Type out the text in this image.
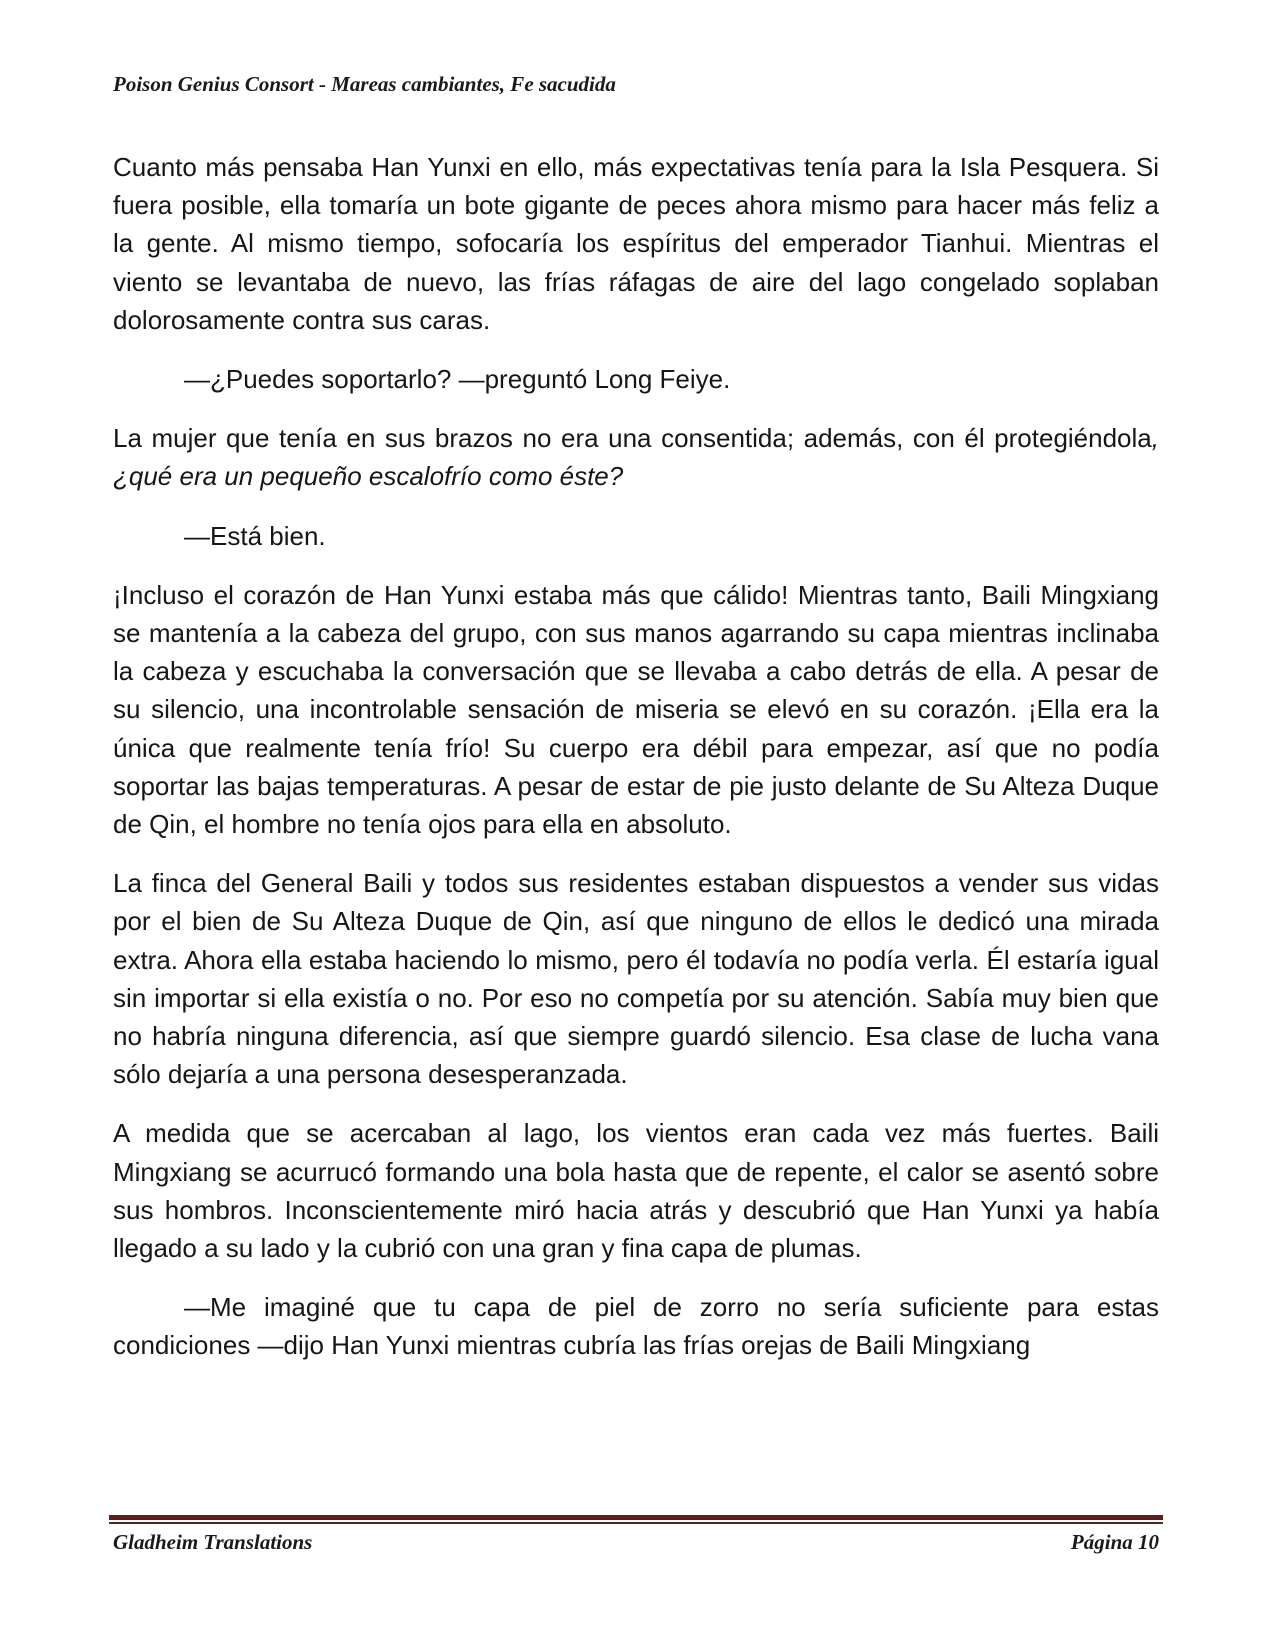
Poison Genius Consort - Mareas cambiantes, Fe sacudida

Cuanto más pensaba Han Yunxi en ello, más expectativas tenía para la Isla Pesquera. Si fuera posible, ella tomaría un bote gigante de peces ahora mismo para hacer más feliz a la gente. Al mismo tiempo, sofocaría los espíritus del emperador Tianhui. Mientras el viento se levantaba de nuevo, las frías ráfagas de aire del lago congelado soplaban dolorosamente contra sus caras.

—¿Puedes soportarlo? —preguntó Long Feiye.

La mujer que tenía en sus brazos no era una consentida; además, con él protegiéndola, ¿qué era un pequeño escalofrío como éste?

—Está bien.

¡Incluso el corazón de Han Yunxi estaba más que cálido! Mientras tanto, Baili Mingxiang se mantenía a la cabeza del grupo, con sus manos agarrando su capa mientras inclinaba la cabeza y escuchaba la conversación que se llevaba a cabo detrás de ella. A pesar de su silencio, una incontrolable sensación de miseria se elevó en su corazón. ¡Ella era la única que realmente tenía frío! Su cuerpo era débil para empezar, así que no podía soportar las bajas temperaturas. A pesar de estar de pie justo delante de Su Alteza Duque de Qin, el hombre no tenía ojos para ella en absoluto.

La finca del General Baili y todos sus residentes estaban dispuestos a vender sus vidas por el bien de Su Alteza Duque de Qin, así que ninguno de ellos le dedicó una mirada extra. Ahora ella estaba haciendo lo mismo, pero él todavía no podía verla. Él estaría igual sin importar si ella existía o no. Por eso no competía por su atención. Sabía muy bien que no habría ninguna diferencia, así que siempre guardó silencio. Esa clase de lucha vana sólo dejaría a una persona desesperanzada.

A medida que se acercaban al lago, los vientos eran cada vez más fuertes. Baili Mingxiang se acurrucó formando una bola hasta que de repente, el calor se asentó sobre sus hombros. Inconscientemente miró hacia atrás y descubrió que Han Yunxi ya había llegado a su lado y la cubrió con una gran y fina capa de plumas.

—Me imaginé que tu capa de piel de zorro no sería suficiente para estas condiciones —dijo Han Yunxi mientras cubría las frías orejas de Baili Mingxiang

Gladheim Translations	Página 10
